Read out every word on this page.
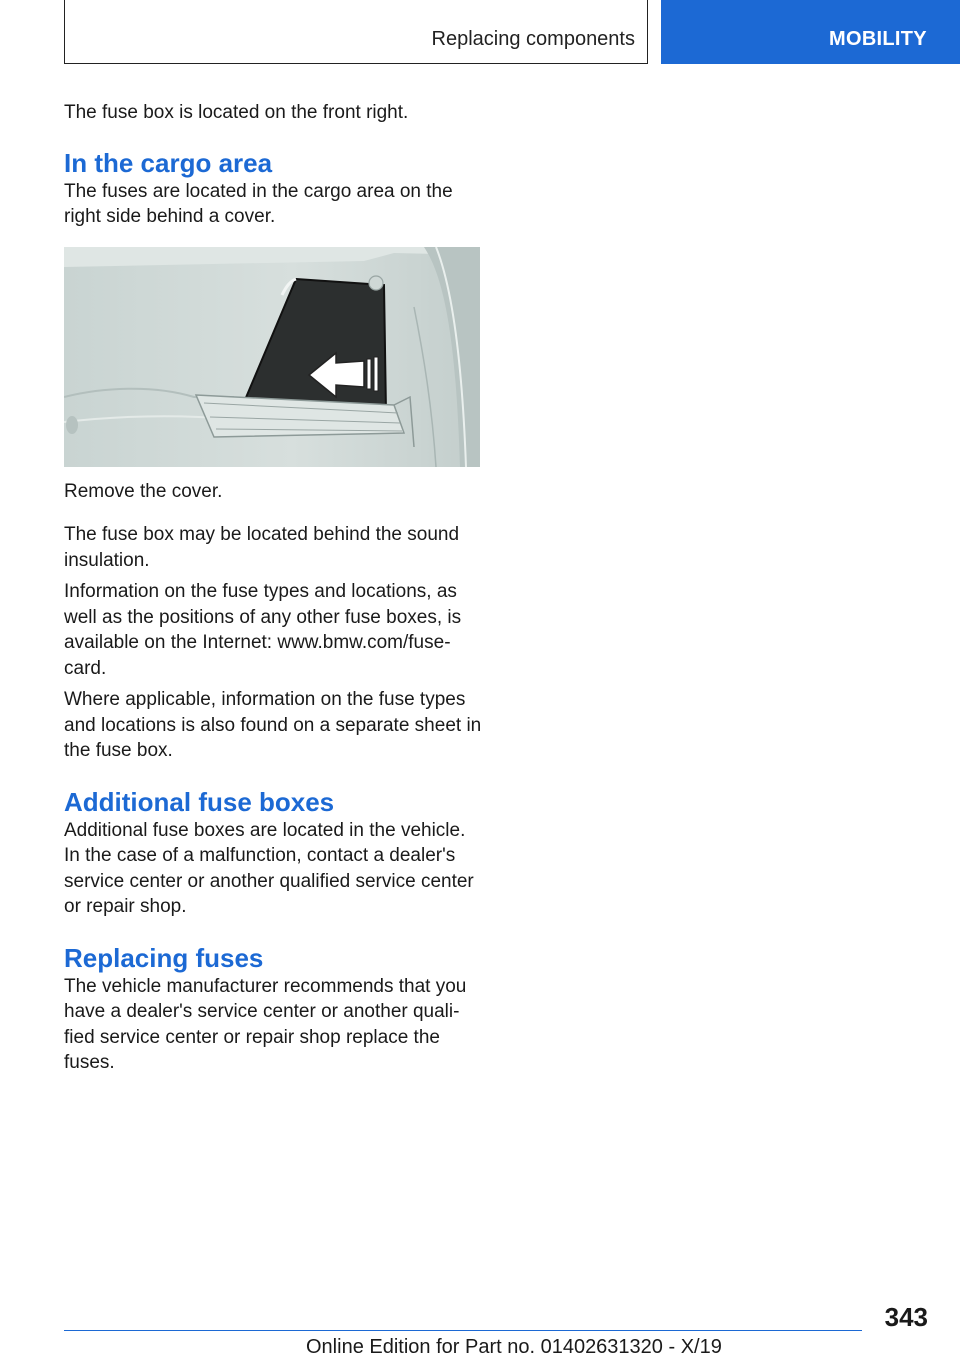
Replacing components	MOBILITY

The fuse box is located on the front right.

In the cargo area

The fuses are located in the cargo area on the right side behind a cover.

Remove the cover.

The fuse box may be located behind the sound insulation.

Information on the fuse types and locations, as well as the positions of any other fuse boxes, is available on the Internet: www.bmw.com/fuse-card.

Where applicable, information on the fuse types and locations is also found on a separate sheet in the fuse box.

Additional fuse boxes

Additional fuse boxes are located in the vehicle. In the case of a malfunction, contact a dealer's service center or another qualified service center or repair shop.

Replacing fuses

The vehicle manufacturer recommends that you have a dealer's service center or another quali‐fied service center or repair shop replace the fuses.

343
Online Edition for Part no. 01402631320 - X/19
